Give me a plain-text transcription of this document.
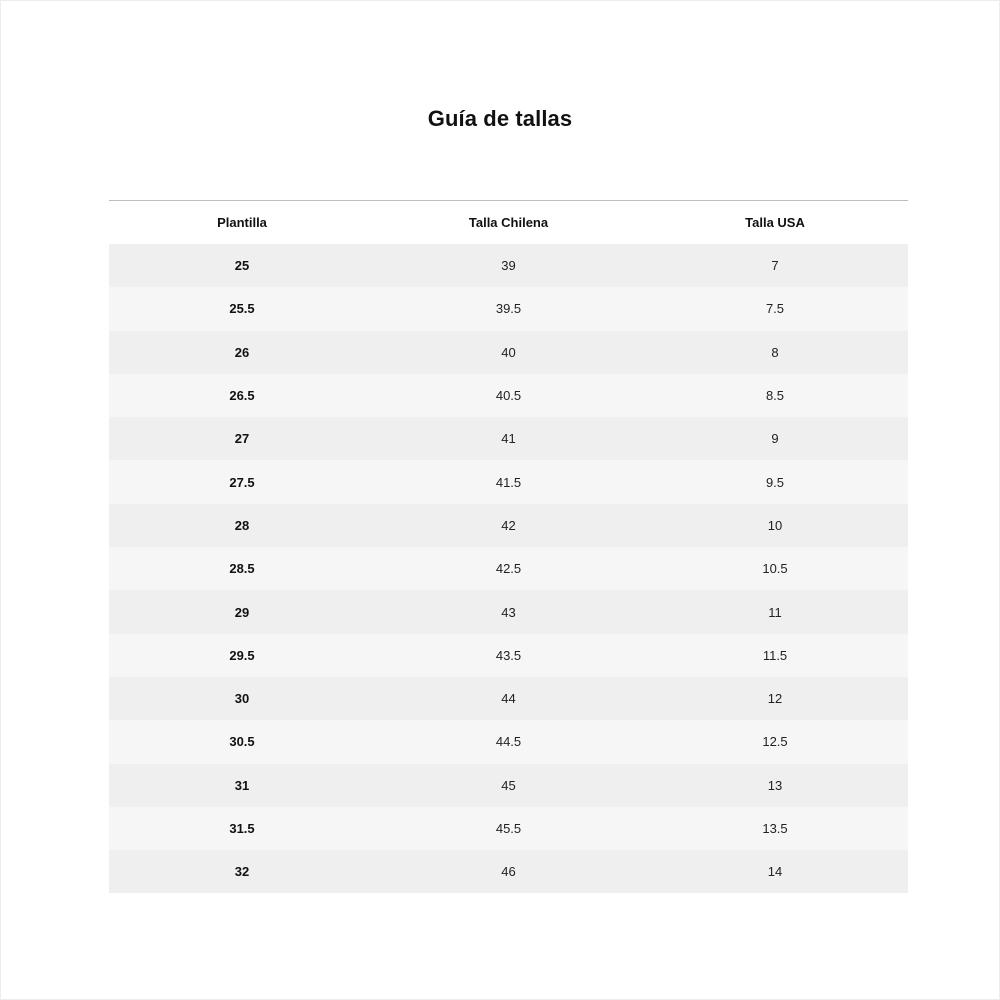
Guía de tallas
Plantilla	Talla Chilena	Talla USA
25	39	7
25.5	39.5	7.5
26	40	8
26.5	40.5	8.5
27	41	9
27.5	41.5	9.5
28	42	10
28.5	42.5	10.5
29	43	11
29.5	43.5	11.5
30	44	12
30.5	44.5	12.5
31	45	13
31.5	45.5	13.5
32	46	14
